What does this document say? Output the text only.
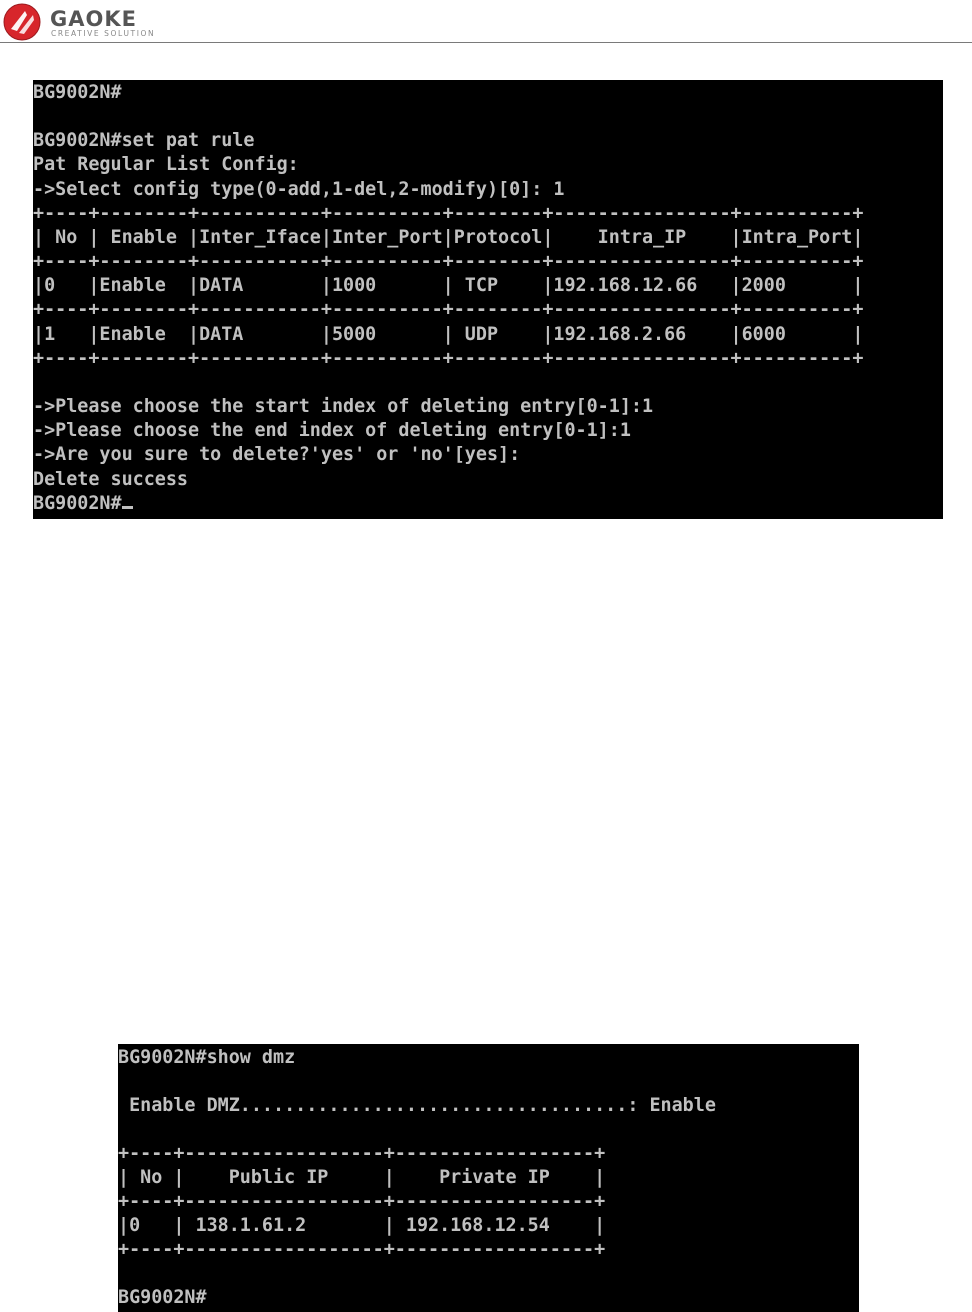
GAOKE
CREATIVE SOLUTION
BG9002N#

BG9002N#set pat rule
Pat Regular List Config:
->Select config type(0-add,1-del,2-modify)[0]: 1
+----+--------+-----------+----------+--------+----------------+----------+
| No | Enable |Inter_Iface|Inter_Port|Protocol|    Intra_IP    |Intra_Port|
+----+--------+-----------+----------+--------+----------------+----------+
|0   |Enable  |DATA       |1000      | TCP    |192.168.12.66   |2000      |
+----+--------+-----------+----------+--------+----------------+----------+
|1   |Enable  |DATA       |5000      | UDP    |192.168.2.66    |6000      |
+----+--------+-----------+----------+--------+----------------+----------+

->Please choose the start index of deleting entry[0-1]:1
->Please choose the end index of deleting entry[0-1]:1
->Are you sure to delete?'yes' or 'no'[yes]:
Delete success
BG9002N#
BG9002N#show dmz

Enable DMZ...................................: Enable

+----+------------------+------------------+
| No |    Public IP     |    Private IP    |
+----+------------------+------------------+
|0   | 138.1.61.2       | 192.168.12.54    |
+----+------------------+------------------+

BG9002N#
